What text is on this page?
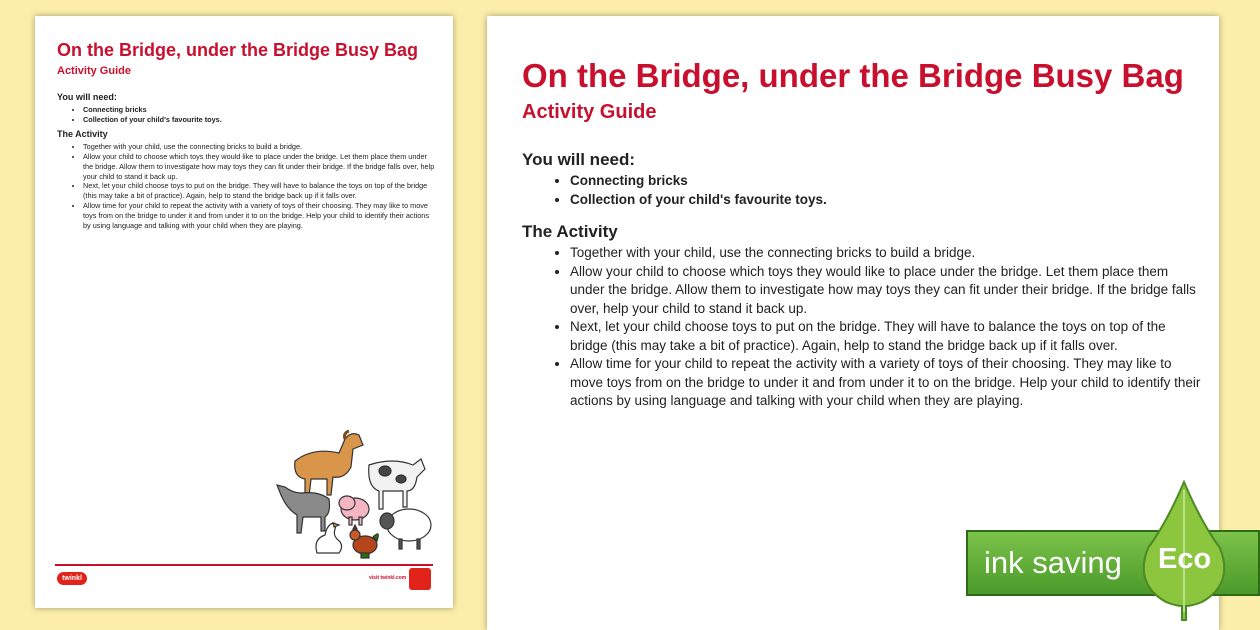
On the Bridge, under the Bridge Busy Bag
Activity Guide
You will need:
• Connecting bricks
• Collection of your child's favourite toys.
The Activity
• Together with your child, use the connecting bricks to build a bridge.
• Allow your child to choose which toys they would like to place under the bridge. Let them place them under the bridge. Allow them to investigate how may toys they can fit under their bridge. If the bridge falls over, help your child to stand it back up.
• Next, let your child choose toys to put on the bridge. They will have to balance the toys on top of the bridge (this may take a bit of practice). Again, help to stand the bridge back up if it falls over.
• Allow time for your child to repeat the activity with a variety of toys of their choosing. They may like to move toys from on the bridge to under it and from under it to on the bridge. Help your child to identify their actions by using language and talking with your child when they are playing.
twinkl	visit twinkl.com
On the Bridge, under the Bridge Busy Bag
Activity Guide
You will need:
• Connecting bricks
• Collection of your child's favourite toys.
The Activity
• Together with your child, use the connecting bricks to build a bridge.
• Allow your child to choose which toys they would like to place under the bridge. Let them place them under the bridge. Allow them to investigate how may toys they can fit under their bridge. If the bridge falls over, help your child to stand it back up.
• Next, let your child choose toys to put on the bridge. They will have to balance the toys on top of the bridge (this may take a bit of practice). Again, help to stand the bridge back up if it falls over.
• Allow time for your child to repeat the activity with a variety of toys of their choosing. They may like to move toys from on the bridge to under it and from under it to on the bridge. Help your child to identify their actions by using language and talking with your child when they are playing.
ink saving Eco
